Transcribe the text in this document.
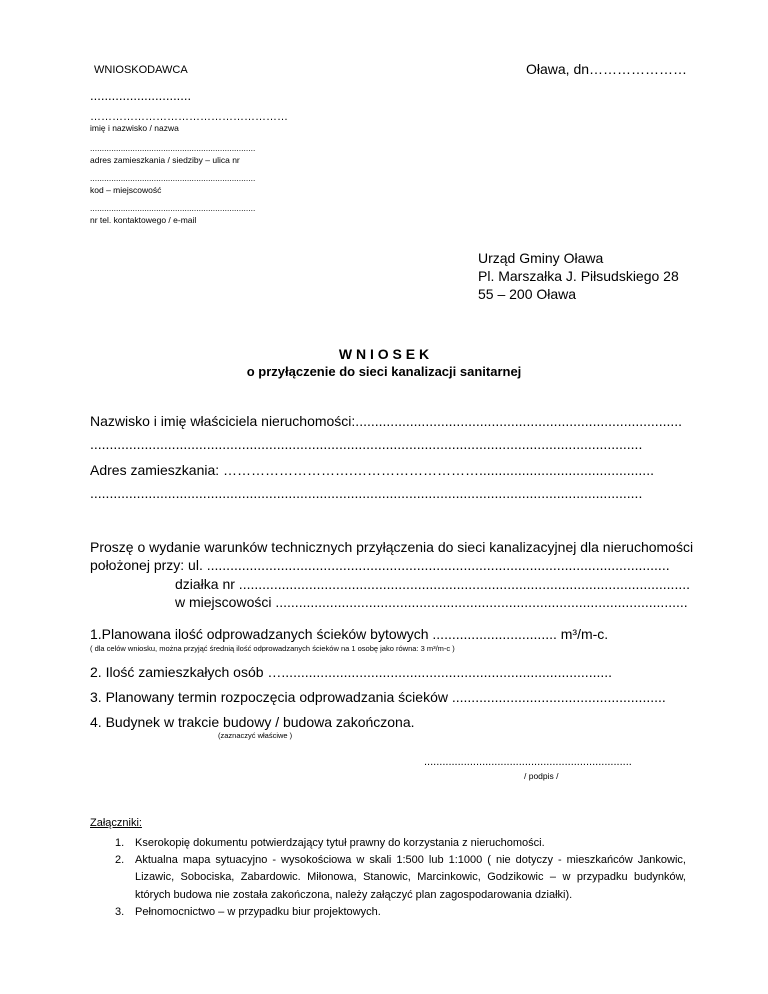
WNIOSKODAWCA	Oława, dn…………………
............................
………………………………………………
imię i nazwisko / nazwa
......................................................................
adres zamieszkania / siedziby – ulica nr
......................................................................
kod – miejscowość
......................................................................
nr tel. kontaktowego / e-mail
Urząd Gminy Oława
Pl. Marszałka J. Piłsudskiego 28
55 – 200 Oława
W N I O S E K
o przyłączenie do sieci kanalizacji sanitarnej
Nazwisko i imię właściciela nieruchomości:....................................................................................
..............................................................................................................................................
Adres zamieszkania: ……………………….……………………….............................................
..............................................................................................................................................
Proszę o wydanie warunków technicznych przyłączenia do sieci kanalizacyjnej dla nieruchomości
położonej przy: ul. .......................................................................................................................
działka nr ....................................................................................................................
w miejscowości ..........................................................................................................
1.Planowana ilość odprowadzanych ścieków bytowych ................................ m³/m-c.
( dla celów wniosku, można przyjąć średnią ilość odprowadzanych ścieków na 1 osobę jako równa: 3 m³/m-c )
2. Ilość zamieszkałych osób ….....................................................................................
3. Planowany termin rozpoczęcia odprowadzania ścieków .......................................................
4. Budynek w trakcie budowy / budowa zakończona.
(zaznaczyć właściwe )
....................................................................
/ podpis /
Załączniki:
1. Kserokopię dokumentu potwierdzający tytuł prawny do korzystania z nieruchomości.
2. Aktualna mapa sytuacyjno - wysokościowa w skali 1:500 lub 1:1000 ( nie dotyczy - mieszkańców Jankowic, Lizawic, Sobociska, Zabardowic. Miłonowa, Stanowic, Marcinkowic, Godzikowic – w przypadku budynków, których budowa nie została zakończona, należy załączyć plan zagospodarowania działki).
3. Pełnomocnictwo – w przypadku biur projektowych.
